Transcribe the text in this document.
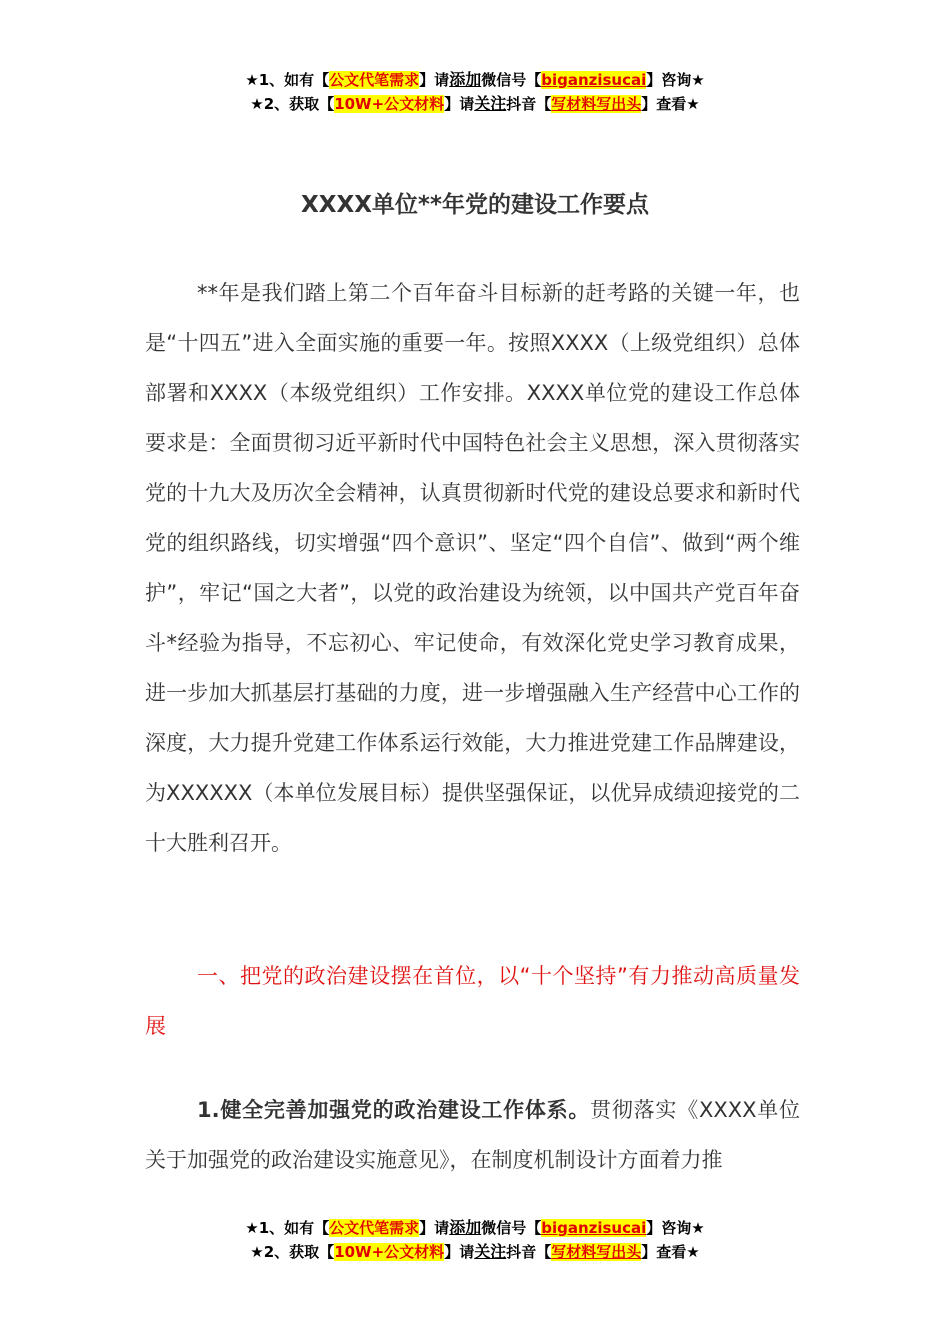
★1、如有【公文代笔需求】请添加微信号【biganzisucai】咨询★
★2、获取【10W+公文材料】请关注抖音【写材料写出头】查看★
XXXX单位**年党的建设工作要点

**年是我们踏上第二个百年奋斗目标新的赶考路的关键一年，也是“十四五”进入全面实施的重要一年。按照XXXX（上级党组织）总体部署和XXXX（本级党组织）工作安排。XXXX单位党的建设工作总体要求是：全面贯彻习近平新时代中国特色社会主义思想，深入贯彻落实党的十九大及历次全会精神，认真贯彻新时代党的建设总要求和新时代党的组织路线，切实增强“四个意识”、坚定“四个自信”、做到“两个维护”，牢记“国之大者”，以党的政治建设为统领，以中国共产党百年奋斗*经验为指导，不忘初心、牢记使命，有效深化党史学习教育成果，进一步加大抓基层打基础的力度，进一步增强融入生产经营中心工作的深度，大力提升党建工作体系运行效能，大力推进党建工作品牌建设，为XXXXXX（本单位发展目标）提供坚强保证，以优异成绩迎接党的二十大胜利召开。

一、把党的政治建设摆在首位，以“十个坚持”有力推动高质量发展

1.健全完善加强党的政治建设工作体系。贯彻落实《XXXX单位关于加强党的政治建设实施意见》，在制度机制设计方面着力推

★1、如有【公文代笔需求】请添加微信号【biganzisucai】咨询★
★2、获取【10W+公文材料】请关注抖音【写材料写出头】查看★
